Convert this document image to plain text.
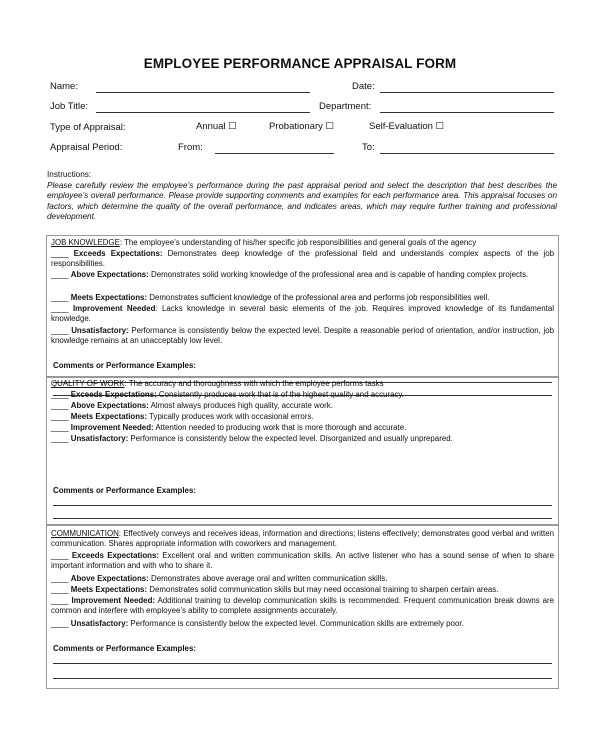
EMPLOYEE PERFORMANCE APPRAISAL FORM
Name:	Date:
Job Title:	Department:
Type of Appraisal:	Annual ☐	Probationary ☐	Self-Evaluation ☐
Appraisal Period:	From:	To:
Instructions:
Please carefully review the employee’s performance during the past appraisal period and select the description that best describes the employee’s overall performance. Please provide supporting comments and examples for each performance area. This appraisal focuses on factors, which determine the quality of the overall performance, and indicates areas, which may require further training and professional development.
JOB KNOWLEDGE: The employee’s understanding of his/her specific job responsibilities and general goals of the agency
____ Exceeds Expectations: Demonstrates deep knowledge of the professional field and understands complex aspects of the job responsibilities.
____ Above Expectations: Demonstrates solid working knowledge of the professional area and is capable of handing complex projects.
____ Meets Expectations: Demonstrates sufficient knowledge of the professional area and performs job responsibilities well.
____ Improvement Needed: Lacks knowledge in several basic elements of the job. Requires improved knowledge of its fundamental knowledge.
____ Unsatisfactory: Performance is consistently below the expected level. Despite a reasonable period of orientation, and/or instruction, job knowledge remains at an unacceptably low level.
Comments or Performance Examples:
QUALITY OF WORK: The accuracy and thoroughness with which the employee performs tasks
____ Exceeds Expectations: Consistently produces work that is of the highest quality and accuracy.
____ Above Expectations: Almost always produces high quality, accurate work.
____ Meets Expectations: Typically produces work with occasional errors.
____ Improvement Needed: Attention needed to producing work that is more thorough and accurate.
____ Unsatisfactory: Performance is consistently below the expected level. Disorganized and usually unprepared.
Comments or Performance Examples:
COMMUNICATION: Effectively conveys and receives ideas, information and directions; listens effectively; demonstrates good verbal and written communication. Shares appropriate information with coworkers and management.
____ Exceeds Expectations: Excellent oral and written communication skills. An active listener who has a sound sense of when to share important information and with who to share it.
____ Above Expectations: Demonstrates above average oral and written communication skills.
____ Meets Expectations: Demonstrates solid communication skills but may need occasional training to sharpen certain areas.
____ Improvement Needed: Additional training to develop communication skills is recommended. Frequent communication break downs are common and interfere with employee’s ability to complete assignments accurately.
____ Unsatisfactory: Performance is consistently below the expected level. Communication skills are extremely poor.
Comments or Performance Examples:
